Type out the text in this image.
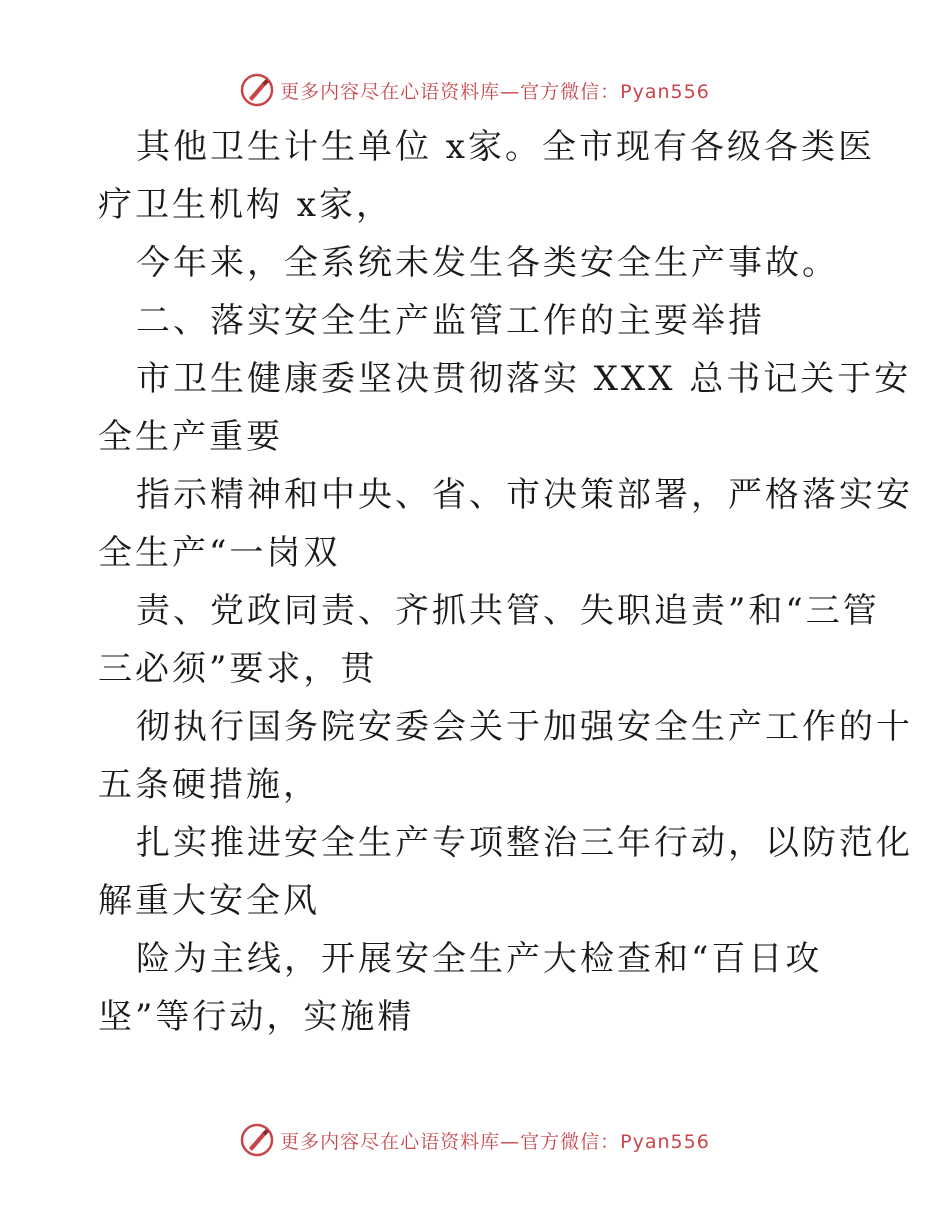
更多内容尽在心语资料库—官方微信：Pyan556
其他卫生计生单位 x家。全市现有各级各类医
疗卫生机构 x家，
今年来，全系统未发生各类安全生产事故。
二、落实安全生产监管工作的主要举措
市卫生健康委坚决贯彻落实 XXX 总书记关于安
全生产重要
指示精神和中央、省、市决策部署，严格落实安
全生产“一岗双
责、党政同责、齐抓共管、失职追责”和“三管
三必须”要求，贯
彻执行国务院安委会关于加强安全生产工作的十
五条硬措施，
扎实推进安全生产专项整治三年行动，以防范化
解重大安全风
险为主线，开展安全生产大检查和“百日攻
坚”等行动，实施精
更多内容尽在心语资料库—官方微信：Pyan556
